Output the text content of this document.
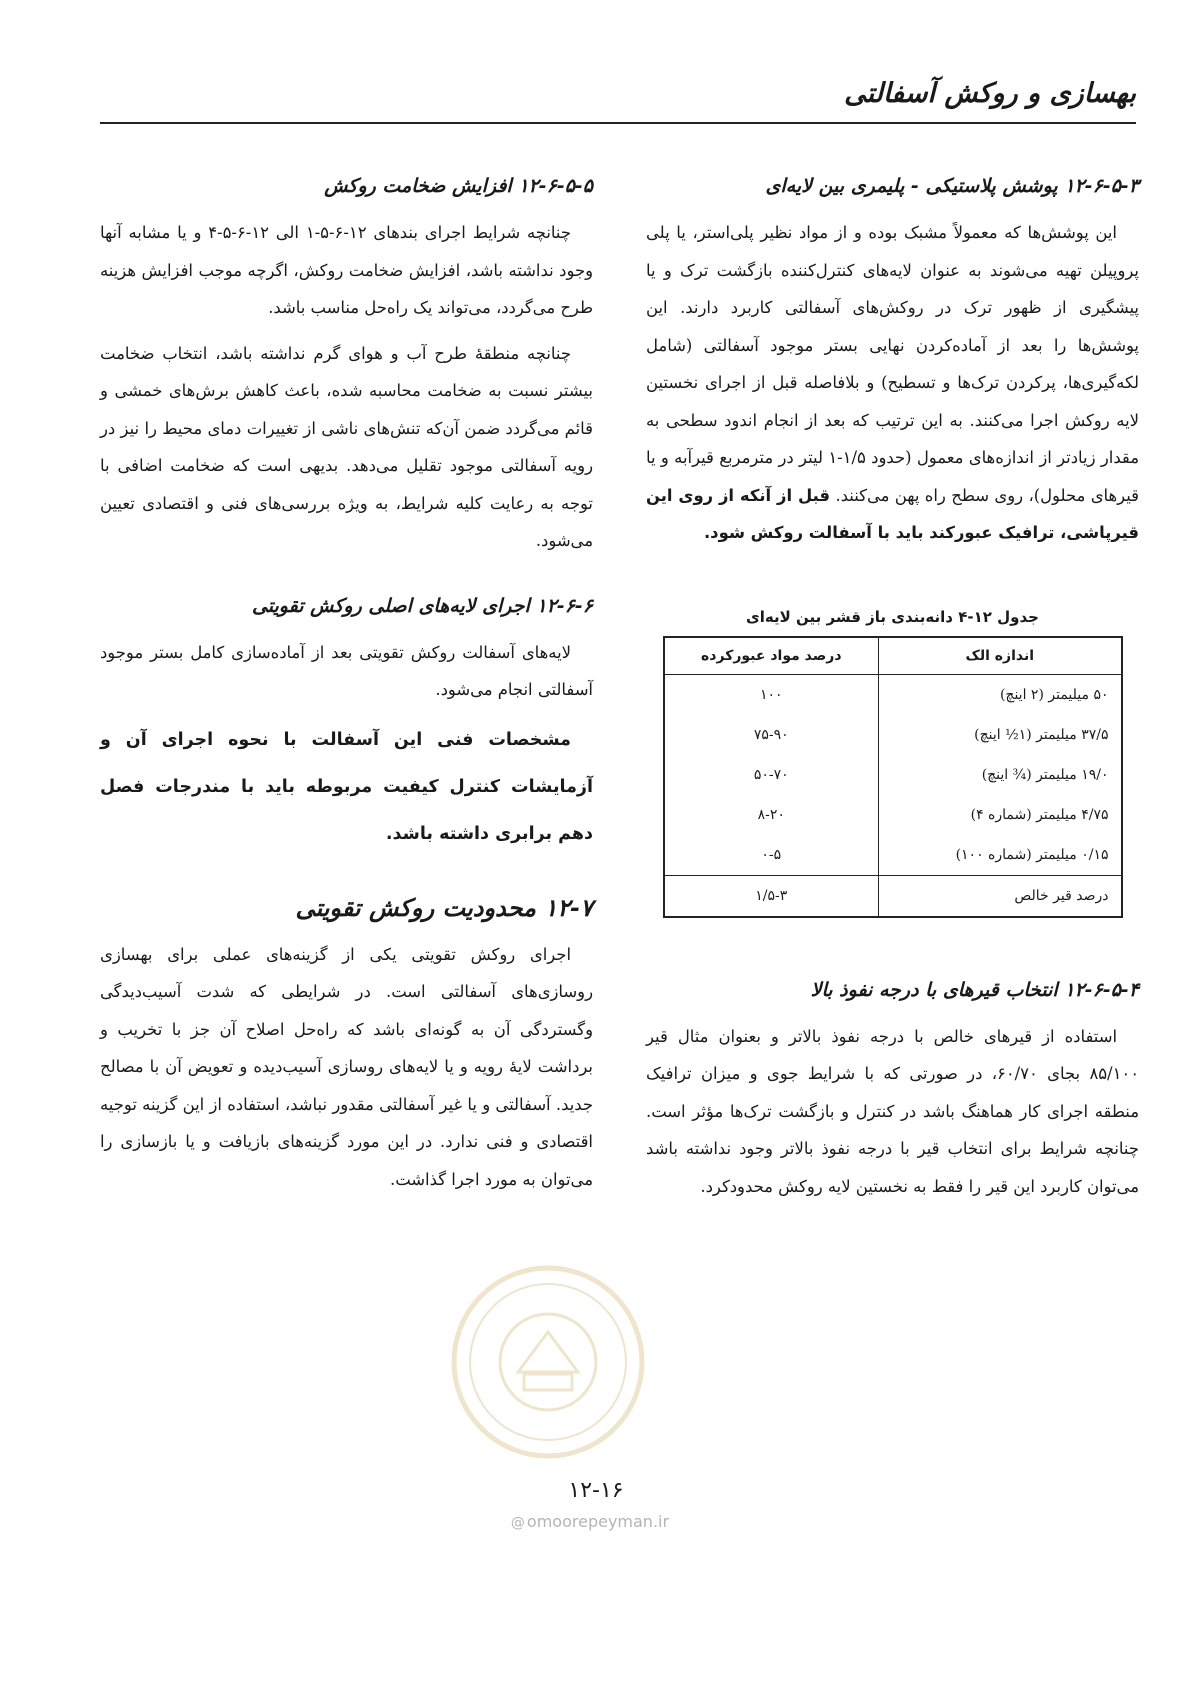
بهسازی و روکش آسفالتی
۱۲-۶-۵-۳ پوشش پلاستیکی - پلیمری بین لایه‌ای

این پوشش‌ها که معمولاً مشبک بوده و از مواد نظیر پلی‌استر، یا پلی پروپیلن تهیه می‌شوند به عنوان لایه‌های کنترل‌کننده بازگشت ترک و یا پیشگیری از ظهور ترک در روکش‌های آسفالتی کاربرد دارند. این پوشش‌ها را بعد از آماده‌کردن نهایی بستر موجود آسفالتی (شامل لکه‌گیری‌ها، پرکردن ترک‌ها و تسطیح) و بلافاصله قبل از اجرای نخستین لایه روکش اجرا می‌کنند. به این ترتیب که بعد از انجام اندود سطحی به مقدار زیادتر از اندازه‌های معمول (حدود ۱/۵-۱ لیتر در مترمربع قیرآبه و یا قیرهای محلول)، روی سطح راه پهن می‌کنند. قبل از آنکه از روی این قیرپاشی، ترافیک عبورکند باید با آسفالت روکش شود.

جدول ۱۲-۴ دانه‌بندی باز قشر بین لایه‌ای

اندازه الک	درصد مواد عبورکرده
۵۰ میلیمتر (۲ اینچ)	۱۰۰
۳۷/۵ میلیمتر (۱½ اینچ)	۷۵-۹۰
۱۹/۰ میلیمتر (¾ اینچ)	۵۰-۷۰
۴/۷۵ میلیمتر (شماره ۴)	۸-۲۰
۰/۱۵ میلیمتر (شماره ۱۰۰)	۰-۵
درصد قیر خالص	۱/۵-۳
۱۲-۶-۵-۴ انتخاب قیرهای با درجه نفوذ بالا

استفاده از قیرهای خالص با درجه نفوذ بالاتر و بعنوان مثال قیر ۸۵/۱۰۰ بجای ۶۰/۷۰، در صورتی که با شرایط جوی و میزان ترافیک منطقه اجرای کار هماهنگ باشد در کنترل و بازگشت ترک‌ها مؤثر است. چنانچه شرایط برای انتخاب قیر با درجه نفوذ بالاتر وجود نداشته باشد می‌توان کاربرد این قیر را فقط به نخستین لایه روکش محدودکرد.

۱۲-۶-۵-۵ افزایش ضخامت روکش

چنانچه شرایط اجرای بندهای ۱۲-۶-۵-۱ الی ۱۲-۶-۵-۴ و یا مشابه آنها وجود نداشته باشد، افزایش ضخامت روکش، اگرچه موجب افزایش هزینه طرح می‌گردد، می‌تواند یک راه‌حل مناسب باشد.

چنانچه منطقهٔ طرح آب و هوای گرم نداشته باشد، انتخاب ضخامت بیشتر نسبت به ضخامت محاسبه شده، باعث کاهش برش‌های خمشی و قائم می‌گردد ضمن آن‌که تنش‌های ناشی از تغییرات دمای محیط را نیز در رویه آسفالتی موجود تقلیل می‌دهد. بدیهی است که ضخامت اضافی با توجه به رعایت کلیه شرایط، به ویژه بررسی‌های فنی و اقتصادی تعیین می‌شود.

۱۲-۶-۶ اجرای لایه‌های اصلی روکش تقویتی

لایه‌های آسفالت روکش تقویتی بعد از آماده‌سازی کامل بستر موجود آسفالتی انجام می‌شود.

مشخصات فنی این آسفالت با نحوه اجرای آن و آزمایشات کنترل کیفیت مربوطه باید با مندرجات فصل دهم برابری داشته باشد.

۱۲-۷ محدودیت روکش تقویتی

اجرای روکش تقویتی یکی از گزینه‌های عملی برای بهسازی روسازی‌های آسفالتی است. در شرایطی که شدت آسیب‌دیدگی وگستردگی آن به گونه‌ای باشد که راه‌حل اصلاح آن جز با تخریب و برداشت لایهٔ رویه و یا لایه‌های روسازی آسیب‌دیده و تعویض آن با مصالح جدید. آسفالتی و یا غیر آسفالتی مقدور نباشد، استفاده از این گزینه توجیه اقتصادی و فنی ندارد. در این مورد گزینه‌های بازیافت و یا بازسازی را می‌توان به مورد اجرا گذاشت.

۱۲-۱۶
@ omoorepeyman.ir
